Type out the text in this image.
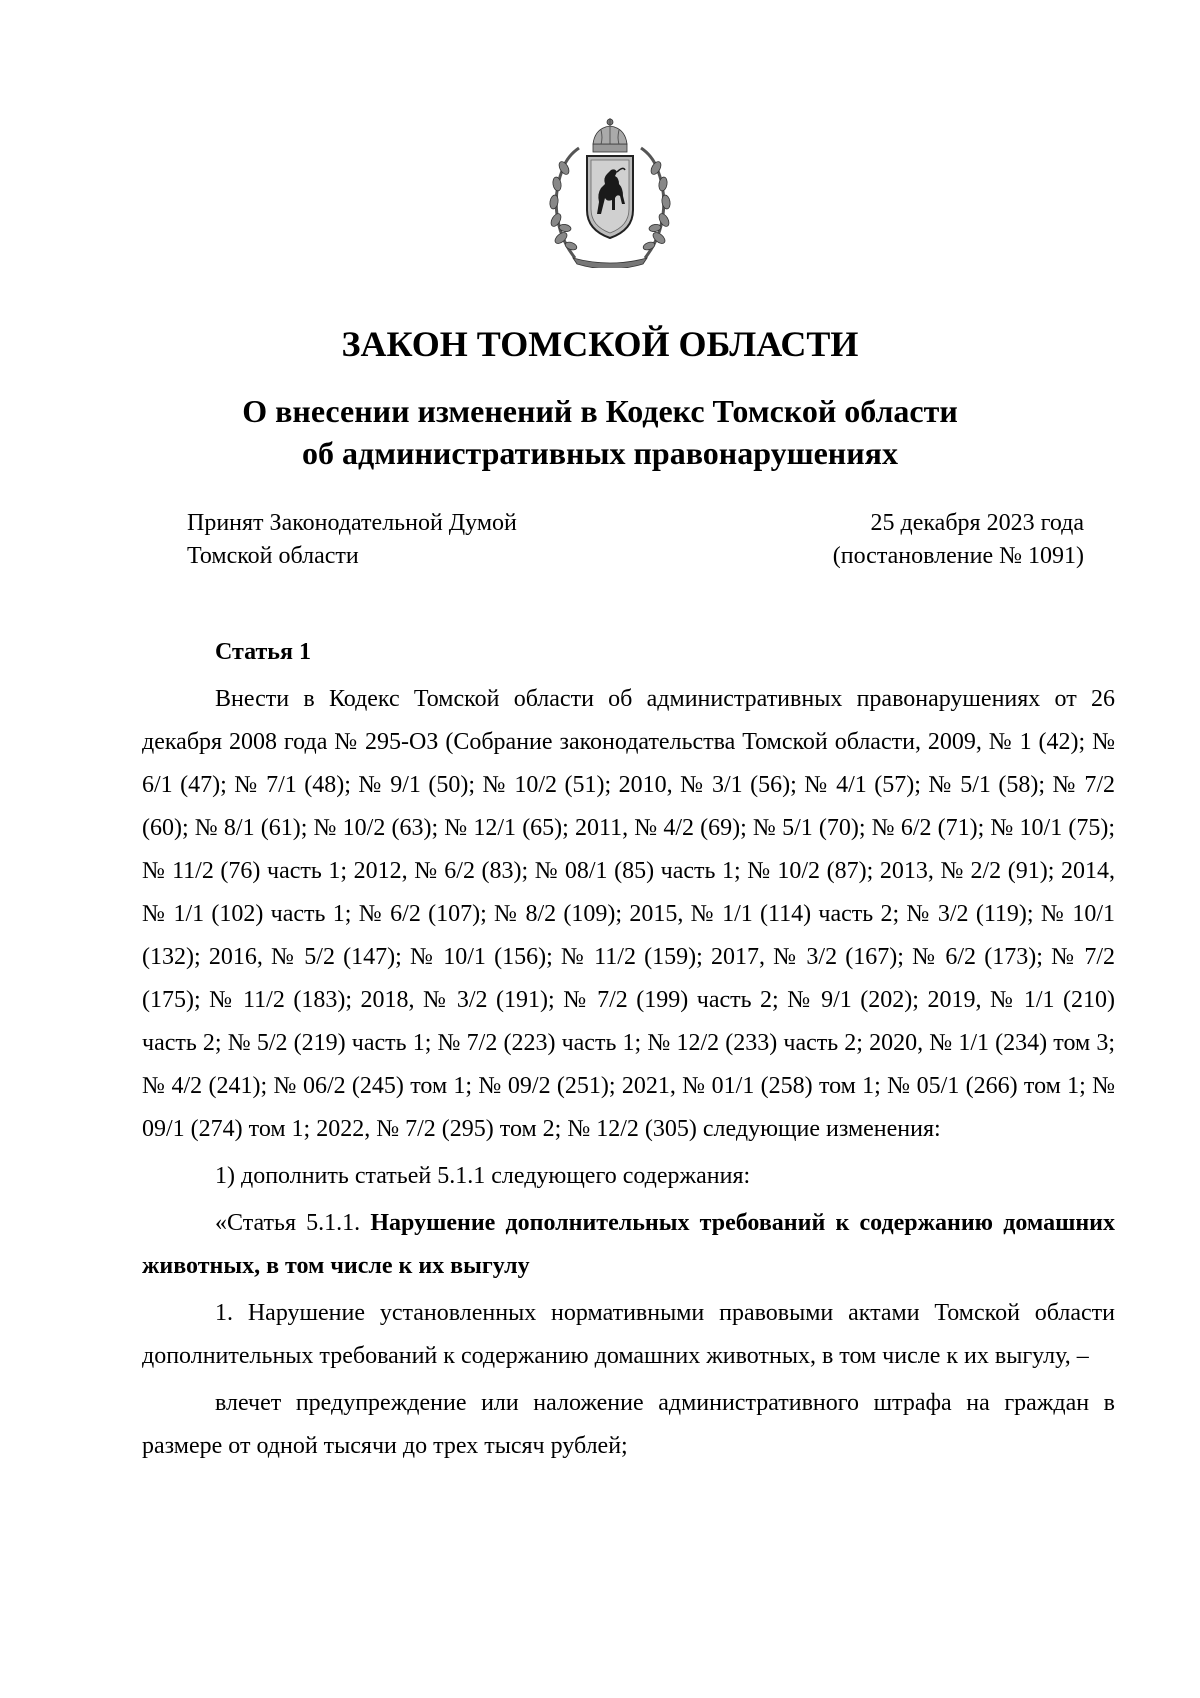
ЗАКОН ТОМСКОЙ ОБЛАСТИ
О внесении изменений в Кодекс Томской области
об административных правонарушениях
Принят Законодательной Думой
Томской области
25 декабря 2023 года
(постановление № 1091)
Статья 1

Внести в Кодекс Томской области об административных правонарушениях от 26 декабря 2008 года № 295-ОЗ (Собрание законодательства Томской области, 2009, № 1 (42); № 6/1 (47); № 7/1 (48); № 9/1 (50); № 10/2 (51); 2010, № 3/1 (56); № 4/1 (57); № 5/1 (58); № 7/2 (60); № 8/1 (61); № 10/2 (63); № 12/1 (65); 2011, № 4/2 (69); № 5/1 (70); № 6/2 (71); № 10/1 (75); № 11/2 (76) часть 1; 2012, № 6/2 (83); № 08/1 (85) часть 1; № 10/2 (87); 2013, № 2/2 (91); 2014, № 1/1 (102) часть 1; № 6/2 (107); № 8/2 (109); 2015, № 1/1 (114) часть 2; № 3/2 (119); № 10/1 (132); 2016, № 5/2 (147); № 10/1 (156); № 11/2 (159); 2017, № 3/2 (167); № 6/2 (173); № 7/2 (175); № 11/2 (183); 2018, № 3/2 (191); № 7/2 (199) часть 2; № 9/1 (202); 2019, № 1/1 (210) часть 2; № 5/2 (219) часть 1; № 7/2 (223) часть 1; № 12/2 (233) часть 2; 2020, № 1/1 (234) том 3; № 4/2 (241); № 06/2 (245) том 1; № 09/2 (251); 2021, № 01/1 (258) том 1; № 05/1 (266) том 1; № 09/1 (274) том 1; 2022, № 7/2 (295) том 2; № 12/2 (305) следующие изменения:

1) дополнить статьей 5.1.1 следующего содержания:

«Статья 5.1.1. Нарушение дополнительных требований к содержанию домашних животных, в том числе к их выгулу

1. Нарушение установленных нормативными правовыми актами Томской области дополнительных требований к содержанию домашних животных, в том числе к их выгулу, –

влечет предупреждение или наложение административного штрафа на граждан в размере от одной тысячи до трех тысяч рублей;
